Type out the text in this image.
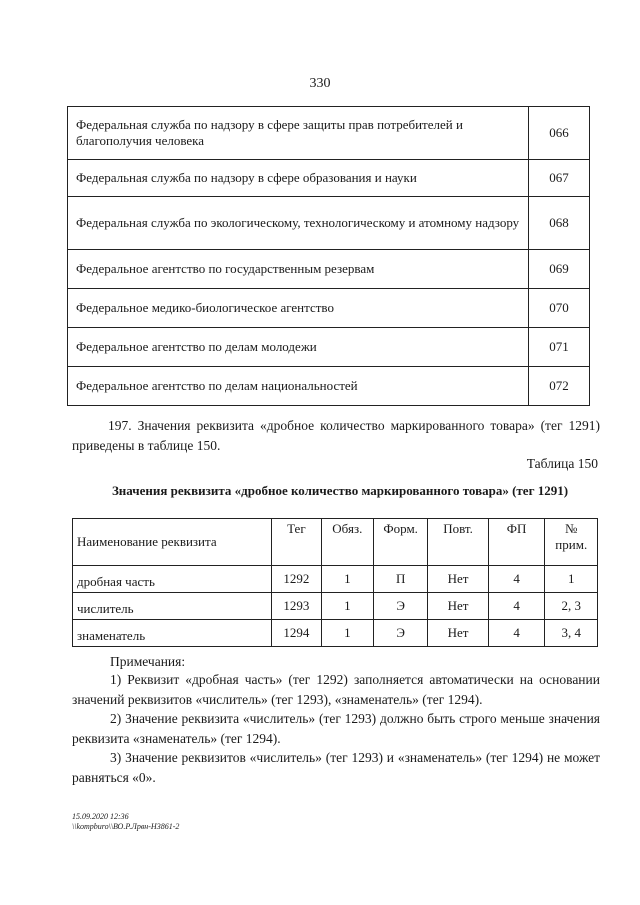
330
Федеральная служба по надзору в сфере защиты прав потребителей и благополучия человека	066
Федеральная служба по надзору в сфере образования и науки	067
Федеральная служба по экологическому, технологическому и атомному надзору	068
Федеральное агентство по государственным резервам	069
Федеральное медико-биологическое агентство	070
Федеральное агентство по делам молодежи	071
Федеральное агентство по делам национальностей	072
197. Значения реквизита «дробное количество маркированного товара» (тег 1291) приведены в таблице 150.
Таблица 150
Значения реквизита «дробное количество маркированного товара» (тег 1291)
Наименование реквизита	Тег	Обяз.	Форм.	Повт.	ФП	№ прим.
дробная часть	1292	1	П	Нет	4	1
числитель	1293	1	Э	Нет	4	2, 3
знаменатель	1294	1	Э	Нет	4	3, 4
Примечания:
1) Реквизит «дробная часть» (тег 1292) заполняется автоматически на основании значений реквизитов «числитель» (тег 1293), «знаменатель» (тег 1294).
2) Значение реквизита «числитель» (тег 1293) должно быть строго меньше значения реквизита «знаменатель» (тег 1294).
3) Значение реквизитов «числитель» (тег 1293) и «знаменатель» (тег 1294) не может равняться «0».
15.09.2020 12:36
\\kompburo\\ВО.Р.Лрвн-Н3861-2
